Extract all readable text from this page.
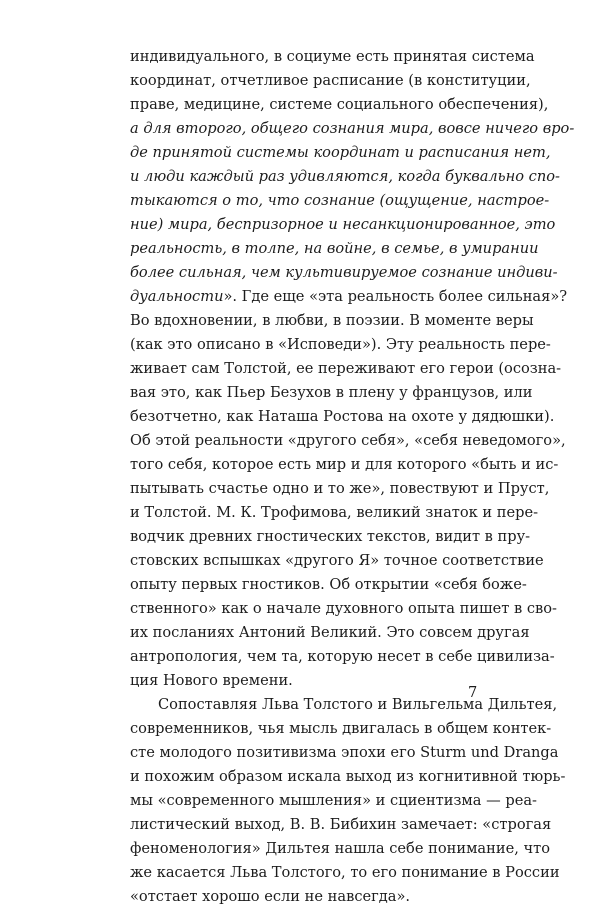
индивидуального, в социуме есть принятая система
координат, отчетливое расписание (в конституции,
праве, медицине, системе социального обеспечения),
а для второго, общего сознания мира, вовсе ничего вро-
де принятой системы координат и расписания нет,
и люди каждый раз удивляются, когда буквально спо-
тыкаются о то, что сознание (ощущение, настрое-
ние) мира, беспризорное и несанкционированное, это
реальность, в толпе, на войне, в семье, в умирании
более сильная, чем культивируемое сознание индиви-
дуальности». Где еще «эта реальность более сильная»?
Во вдохновении, в любви, в поэзии. В моменте веры
(как это описано в «Исповеди»). Эту реальность пере-
живает сам Толстой, ее переживают его герои (осозна-
вая это, как Пьер Безухов в плену у французов, или
безотчетно, как Наташа Ростова на охоте у дядюшки).
Об этой реальности «другого себя», «себя неведомого»,
того себя, которое есть мир и для которого «быть и ис-
пытывать счастье одно и то же», повествуют и Пруст,
и Толстой. М. К. Трофимова, великий знаток и пере-
водчик древних гностических текстов, видит в пру-
стовских вспышках «другого Я» точное соответствие
опыту первых гностиков. Об открытии «себя боже-
ственного» как о начале духовного опыта пишет в сво-
их посланиях Антоний Великий. Это совсем другая
антропология, чем та, которую несет в себе цивилиза-
ция Нового времени.
Сопоставляя Льва Толстого и Вильгельма Дильтея,
современников, чья мысль двигалась в общем контек-
сте молодого позитивизма эпохи его Sturm und Dranga
и похожим образом искала выход из когнитивной тюрь-
мы «современного мышления» и сциентизма — реа-
листический выход, В. В. Бибихин замечает: «строгая
феноменология» Дильтея нашла себе понимание, что
же касается Льва Толстого, то его понимание в России
«отстает хорошо если не навсегда».
7
